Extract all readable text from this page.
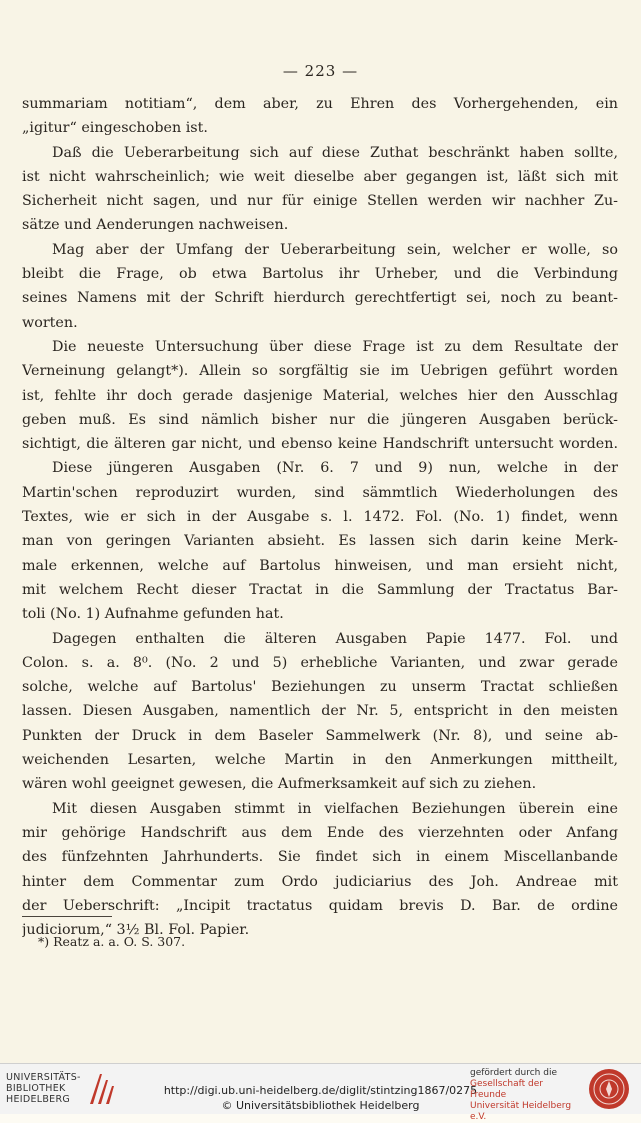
— 223 —
summariam notitiam“, dem aber, zu Ehren des Vorhergehenden, ein
„igitur“ eingeschoben ist.
Daß die Ueberarbeitung sich auf diese Zuthat beschränkt haben sollte,
ist nicht wahrscheinlich; wie weit dieselbe aber gegangen ist, läßt sich mit
Sicherheit nicht sagen, und nur für einige Stellen werden wir nachher Zu-
sätze und Aenderungen nachweisen.
Mag aber der Umfang der Ueberarbeitung sein, welcher er wolle, so
bleibt die Frage, ob etwa Bartolus ihr Urheber, und die Verbindung
seines Namens mit der Schrift hierdurch gerechtfertigt sei, noch zu beant-
worten.
Die neueste Untersuchung über diese Frage ist zu dem Resultate der
Verneinung gelangt*). Allein so sorgfältig sie im Uebrigen geführt worden
ist, fehlte ihr doch gerade dasjenige Material, welches hier den Ausschlag
geben muß. Es sind nämlich bisher nur die jüngeren Ausgaben berück-
sichtigt, die älteren gar nicht, und ebenso keine Handschrift untersucht worden.
Diese jüngeren Ausgaben (Nr. 6. 7 und 9) nun, welche in der
Martin'schen reproduzirt wurden, sind sämmtlich Wiederholungen des
Textes, wie er sich in der Ausgabe s. l. 1472. Fol. (No. 1) findet, wenn
man von geringen Varianten absieht. Es lassen sich darin keine Merk-
male erkennen, welche auf Bartolus hinweisen, und man ersieht nicht,
mit welchem Recht dieser Tractat in die Sammlung der Tractatus Bar-
toli (No. 1) Aufnahme gefunden hat.
Dagegen enthalten die älteren Ausgaben Papie 1477. Fol. und
Colon. s. a. 8⁰. (No. 2 und 5) erhebliche Varianten, und zwar gerade
solche, welche auf Bartolus' Beziehungen zu unserm Tractat schließen
lassen. Diesen Ausgaben, namentlich der Nr. 5, entspricht in den meisten
Punkten der Druck in dem Baseler Sammelwerk (Nr. 8), und seine ab-
weichenden Lesarten, welche Martin in den Anmerkungen mittheilt,
wären wohl geeignet gewesen, die Aufmerksamkeit auf sich zu ziehen.
Mit diesen Ausgaben stimmt in vielfachen Beziehungen überein eine
mir gehörige Handschrift aus dem Ende des vierzehnten oder Anfang
des fünfzehnten Jahrhunderts. Sie findet sich in einem Miscellanbande
hinter dem Commentar zum Ordo judiciarius des Joh. Andreae mit
der Ueberschrift: „Incipit tractatus quidam brevis D. Bar. de ordine
judiciorum,“ 3½ Bl. Fol. Papier.
*) Reatz a. a. O. S. 307.
UNIVERSITÄTS-
BIBLIOTHEK
HEIDELBERG
http://digi.ub.uni-heidelberg.de/diglit/stintzing1867/0275
© Universitätsbibliothek Heidelberg
gefördert durch die
Gesellschaft der Freunde
Universität Heidelberg e.V.
